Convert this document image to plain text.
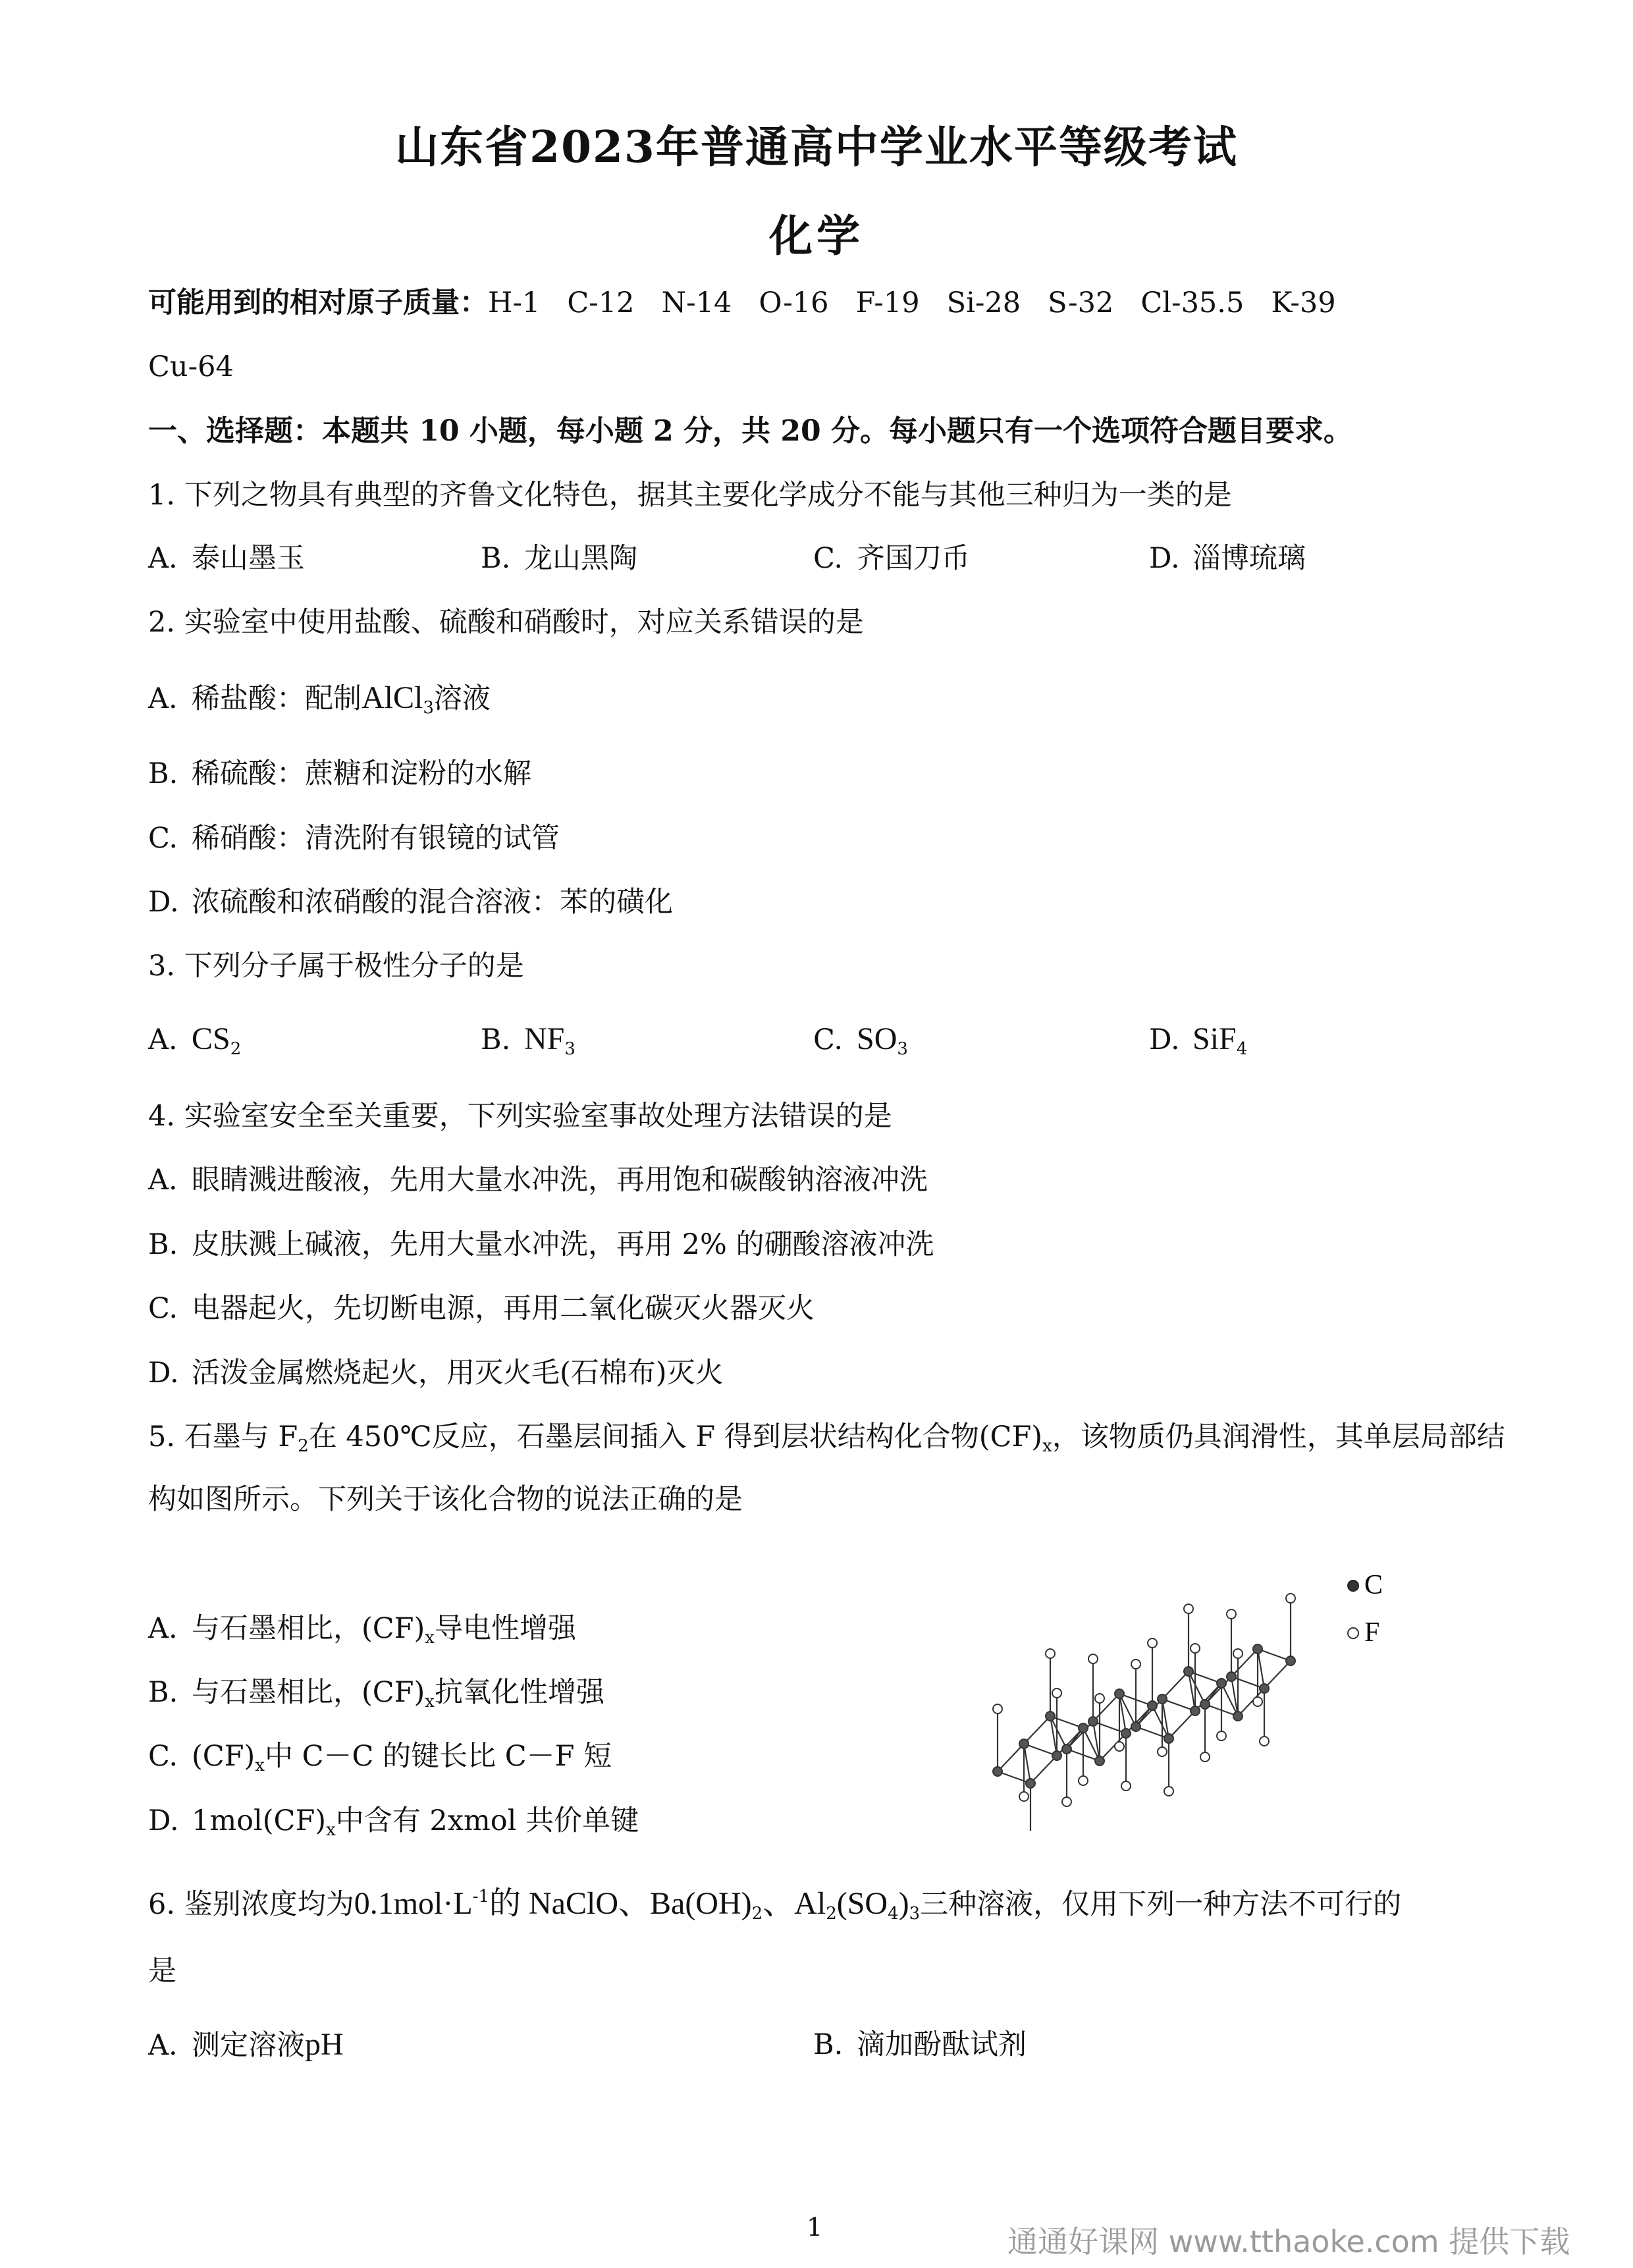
山东省2023年普通高中学业水平等级考试
化学
可能用到的相对原子质量：H-1   C-12   N-14   O-16   F-19   Si-28   S-32   Cl-35.5   K-39
Cu-64
一、选择题：本题共 10 小题，每小题 2 分，共 20 分。每小题只有一个选项符合题目要求。
1. 下列之物具有典型的齐鲁文化特色，据其主要化学成分不能与其他三种归为一类的是
A. 泰山墨玉	B. 龙山黑陶	C. 齐国刀币	D. 淄博琉璃
2. 实验室中使用盐酸、硫酸和硝酸时，对应关系错误的是
A. 稀盐酸：配制AlCl$_3$溶液
B. 稀硫酸：蔗糖和淀粉的水解
C. 稀硝酸：清洗附有银镜的试管
D. 浓硫酸和浓硝酸的混合溶液：苯的磺化
3. 下列分子属于极性分子的是
A. $CS_2$	B. $NF_3$	C. $SO_3$	D. SiF$_4$
4. 实验室安全至关重要，下列实验室事故处理方法错误的是
A. 眼睛溅进酸液，先用大量水冲洗，再用饱和碳酸钠溶液冲洗
B. 皮肤溅上碱液，先用大量水冲洗，再用 2% 的硼酸溶液冲洗
C. 电器起火，先切断电源，再用二氧化碳灭火器灭火
D. 活泼金属燃烧起火，用灭火毛(石棉布)灭火
5. 石墨与 $F_2$在 450℃反应，石墨层间插入 F 得到层状结构化合物$(CF)_x$，该物质仍具润滑性，其单层局部结
构如图所示。下列关于该化合物的说法正确的是
A. 与石墨相比，$(CF)_x$导电性增强
B. 与石墨相比，$(CF)_x$抗氧化性增强
C. $(CF)_x$中 C－C 的键长比 C－F 短
D. $1mol(CF)_x$中含有 2xmol 共价单键
C
F
6. 鉴别浓度均为$0.1mol\cdot L^{-1}$的 NaClO、$Ba(OH)_2$、$Al_2(SO_4)_3$三种溶液，仅用下列一种方法不可行的
是
A. 测定溶液pH	B. 滴加酚酞试剂
1	通通好课网 www.tthaoke.com 提供下载
